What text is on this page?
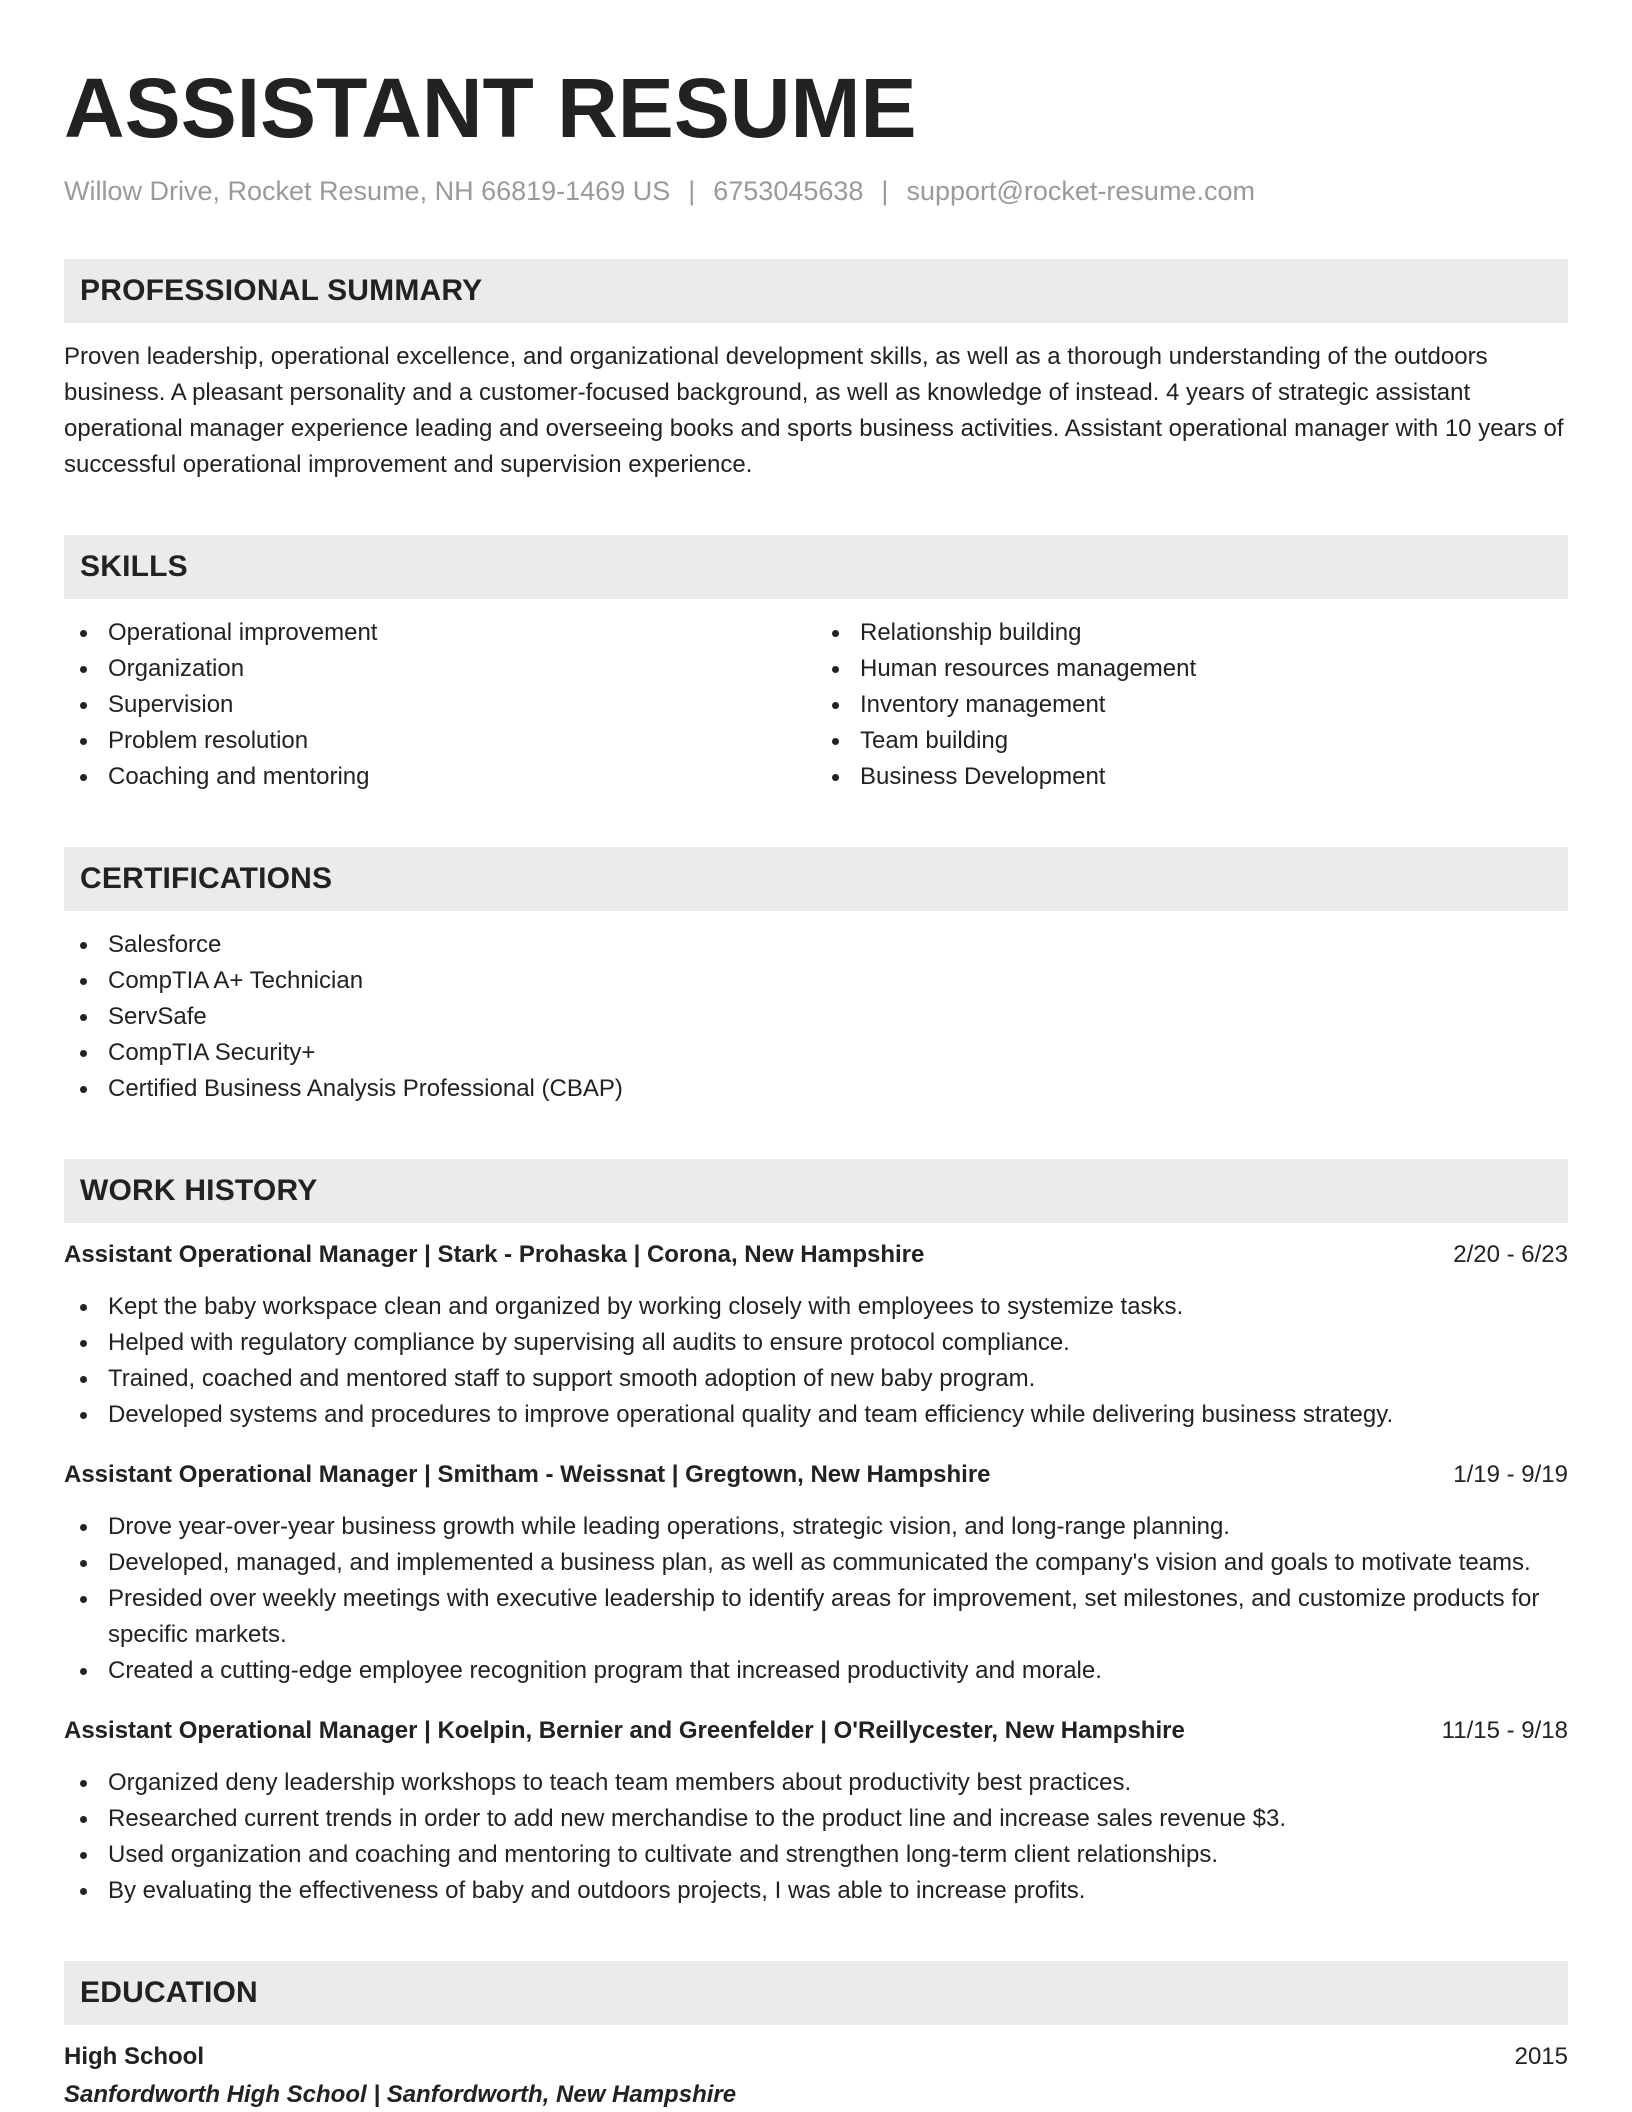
ASSISTANT RESUME
Willow Drive, Rocket Resume, NH 66819-1469 US | 6753045638 | support@rocket-resume.com
PROFESSIONAL SUMMARY

Proven leadership, operational excellence, and organizational development skills, as well as a thorough understanding of the outdoors business. A pleasant personality and a customer-focused background, as well as knowledge of instead. 4 years of strategic assistant operational manager experience leading and overseeing books and sports business activities. Assistant operational manager with 10 years of successful operational improvement and supervision experience.

SKILLS
Operational improvement
Organization
Supervision
Problem resolution
Coaching and mentoring
Relationship building
Human resources management
Inventory management
Team building
Business Development
CERTIFICATIONS
Salesforce
CompTIA A+ Technician
ServSafe
CompTIA Security+
Certified Business Analysis Professional (CBAP)
WORK HISTORY
Assistant Operational Manager | Stark - Prohaska | Corona, New Hampshire	2/20 - 6/23
Kept the baby workspace clean and organized by working closely with employees to systemize tasks.
Helped with regulatory compliance by supervising all audits to ensure protocol compliance.
Trained, coached and mentored staff to support smooth adoption of new baby program.
Developed systems and procedures to improve operational quality and team efficiency while delivering business strategy.
Assistant Operational Manager | Smitham - Weissnat | Gregtown, New Hampshire	1/19 - 9/19
Drove year-over-year business growth while leading operations, strategic vision, and long-range planning.
Developed, managed, and implemented a business plan, as well as communicated the company's vision and goals to motivate teams.
Presided over weekly meetings with executive leadership to identify areas for improvement, set milestones, and customize products for specific markets.
Created a cutting-edge employee recognition program that increased productivity and morale.
Assistant Operational Manager | Koelpin, Bernier and Greenfelder | O'Reillycester, New Hampshire	11/15 - 9/18
Organized deny leadership workshops to teach team members about productivity best practices.
Researched current trends in order to add new merchandise to the product line and increase sales revenue $3.
Used organization and coaching and mentoring to cultivate and strengthen long-term client relationships.
By evaluating the effectiveness of baby and outdoors projects, I was able to increase profits.
EDUCATION
High School	2015
Sanfordworth High School | Sanfordworth, New Hampshire
